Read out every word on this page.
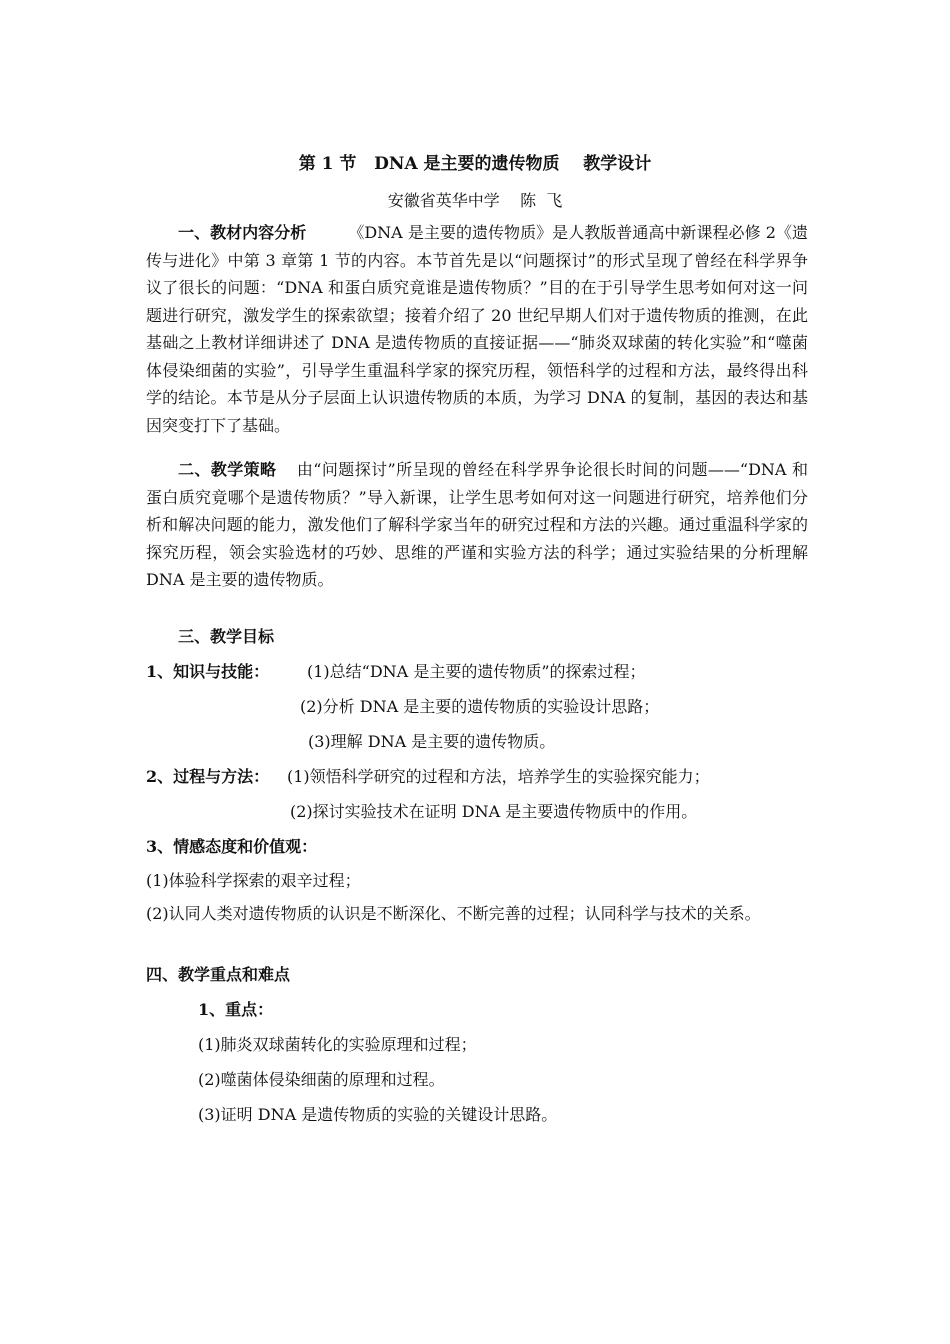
第 1 节   DNA 是主要的遗传物质    教学设计
安徽省英华中学    陈  飞
一、教材内容分析	《DNA 是主要的遗传物质》是人教版普通高中新课程必修 2《遗传与进化》中第 3 章第 1 节的内容。本节首先是以“问题探讨”的形式呈现了曾经在科学界争议了很长的问题：“DNA 和蛋白质究竟谁是遗传物质？”目的在于引导学生思考如何对这一问题进行研究，激发学生的探索欲望；接着介绍了 20 世纪早期人们对于遗传物质的推测，在此基础之上教材详细讲述了 DNA 是遗传物质的直接证据——“肺炎双球菌的转化实验”和“噬菌体侵染细菌的实验”，引导学生重温科学家的探究历程，领悟科学的过程和方法，最终得出科学的结论。本节是从分子层面上认识遗传物质的本质，为学习 DNA 的复制，基因的表达和基因突变打下了基础。
二、教学策略 由“问题探讨”所呈现的曾经在科学界争论很长时间的问题——“DNA 和蛋白质究竟哪个是遗传物质？”导入新课，让学生思考如何对这一问题进行研究，培养他们分析和解决问题的能力，激发他们了解科学家当年的研究过程和方法的兴趣。通过重温科学家的探究历程，领会实验选材的巧妙、思维的严谨和实验方法的科学；通过实验结果的分析理解 DNA 是主要的遗传物质。
三、教学目标
1、知识与技能： (1)总结“DNA 是主要的遗传物质”的探索过程；
(2)分析 DNA 是主要的遗传物质的实验设计思路；
(3)理解 DNA 是主要的遗传物质。
2、过程与方法： (1)领悟科学研究的过程和方法，培养学生的实验探究能力；
(2)探讨实验技术在证明 DNA 是主要遗传物质中的作用。
3、情感态度和价值观：
(1)体验科学探索的艰辛过程；
(2)认同人类对遗传物质的认识是不断深化、不断完善的过程；认同科学与技术的关系。
四、教学重点和难点
1、重点：
(1)肺炎双球菌转化的实验原理和过程；
(2)噬菌体侵染细菌的原理和过程。
(3)证明 DNA 是遗传物质的实验的关键设计思路。
